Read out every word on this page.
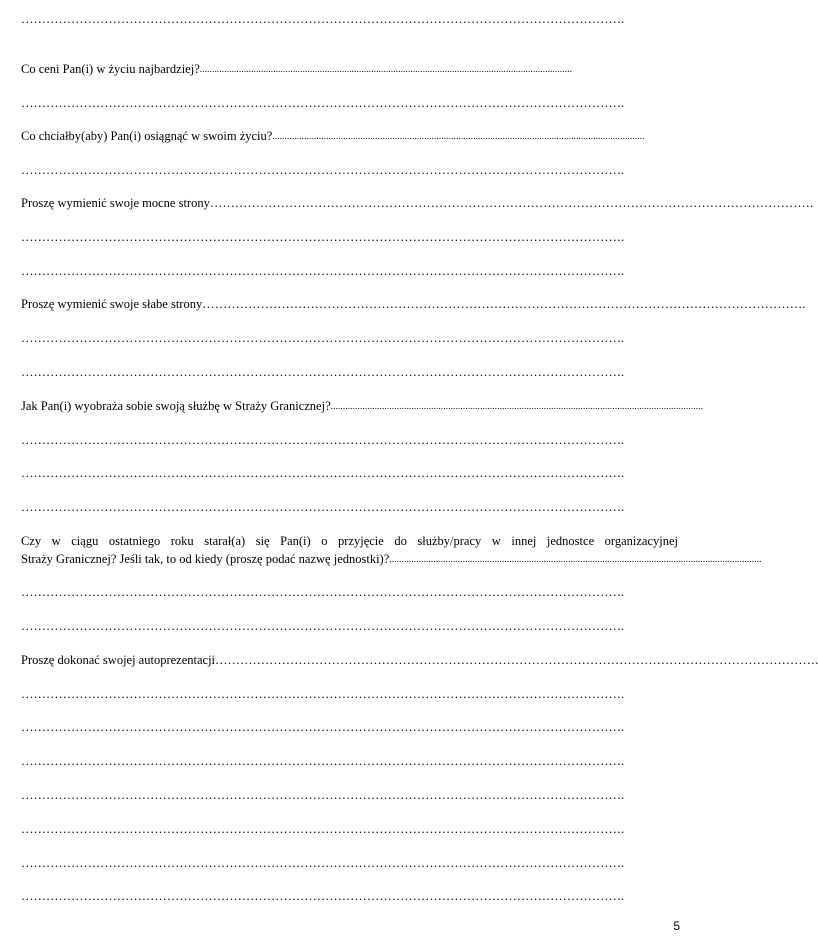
……………………………………………………………………………………………………………………………….
Co ceni Pan(i) w życiu najbardziej?........................................................................................................................................................
……………………………………………………………………………………………………………………………….
Co chciałby(aby) Pan(i) osiągnąć w swoim życiu?........................................................................................................................................................
……………………………………………………………………………………………………………………………….
Proszę wymienić swoje mocne strony……………………………………………………………………………………………………………………………….
……………………………………………………………………………………………………………………………….
……………………………………………………………………………………………………………………………….
Proszę wymienić swoje słabe strony……………………………………………………………………………………………………………………………….
……………………………………………………………………………………………………………………………….
……………………………………………………………………………………………………………………………….
Jak Pan(i) wyobraża sobie swoją służbę w Straży Granicznej?........................................................................................................................................................
……………………………………………………………………………………………………………………………….
……………………………………………………………………………………………………………………………….
……………………………………………………………………………………………………………………………….
Czy w ciągu ostatniego roku starał(a) się Pan(i) o przyjęcie do służby/pracy w innej jednostce organizacyjnej
Straży Granicznej? Jeśli tak, to od kiedy (proszę podać nazwę jednostki)?........................................................................................................................................................
……………………………………………………………………………………………………………………………….
……………………………………………………………………………………………………………………………….
Proszę dokonać swojej autoprezentacji……………………………………………………………………………………………………………………………….
……………………………………………………………………………………………………………………………….
……………………………………………………………………………………………………………………………….
……………………………………………………………………………………………………………………………….
……………………………………………………………………………………………………………………………….
……………………………………………………………………………………………………………………………….
……………………………………………………………………………………………………………………………….
……………………………………………………………………………………………………………………………….
5
